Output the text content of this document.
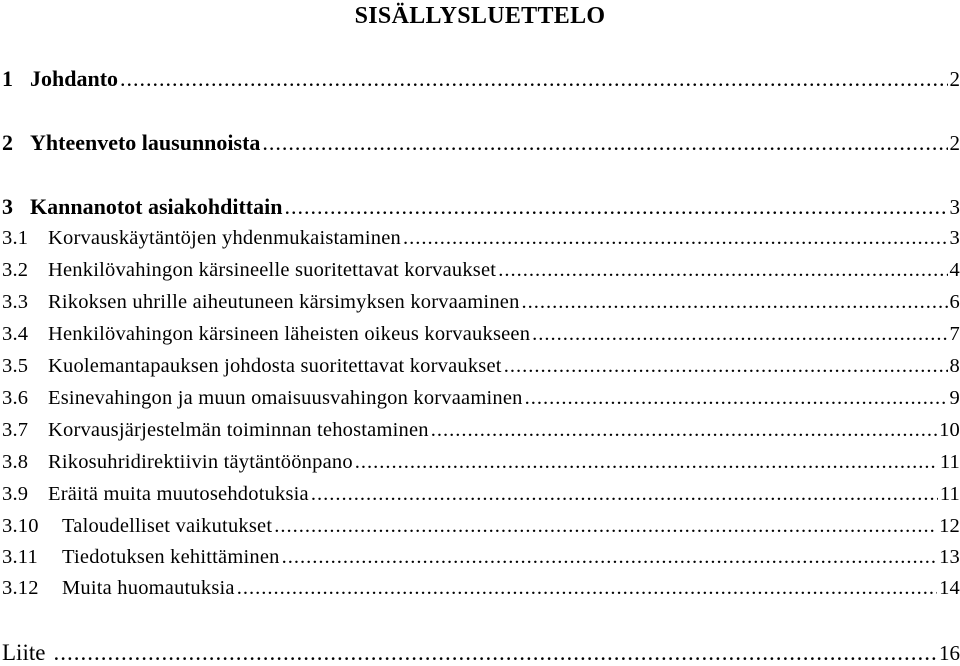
SISÄLLYSLUETTELO
1 Johdanto .....	2
2 Yhteenveto lausunnoista .....	2
3 Kannanotot asiakohdittain .....	3
3.1 Korvauskäytäntöjen yhdenmukaistaminen .....	3
3.2 Henkilövahingon kärsineelle suoritettavat korvaukset .....	4
3.3 Rikoksen uhrille aiheutuneen kärsimyksen korvaaminen .....	6
3.4 Henkilövahingon kärsineen läheisten oikeus korvaukseen .....	7
3.5 Kuolemantapauksen johdosta suoritettavat korvaukset .....	8
3.6 Esinevahingon ja muun omaisuusvahingon korvaaminen .....	9
3.7 Korvausjärjestelmän toiminnan tehostaminen .....	10
3.8 Rikosuhridirektiivin täytäntöönpano .....	11
3.9 Eräitä muita muutosehdotuksia .....	11
3.10	Taloudelliset vaikutukset .....	12
3.11	Tiedotuksen kehittäminen .....	13
3.12	Muita huomautuksia .....	14
Liite .....	16
